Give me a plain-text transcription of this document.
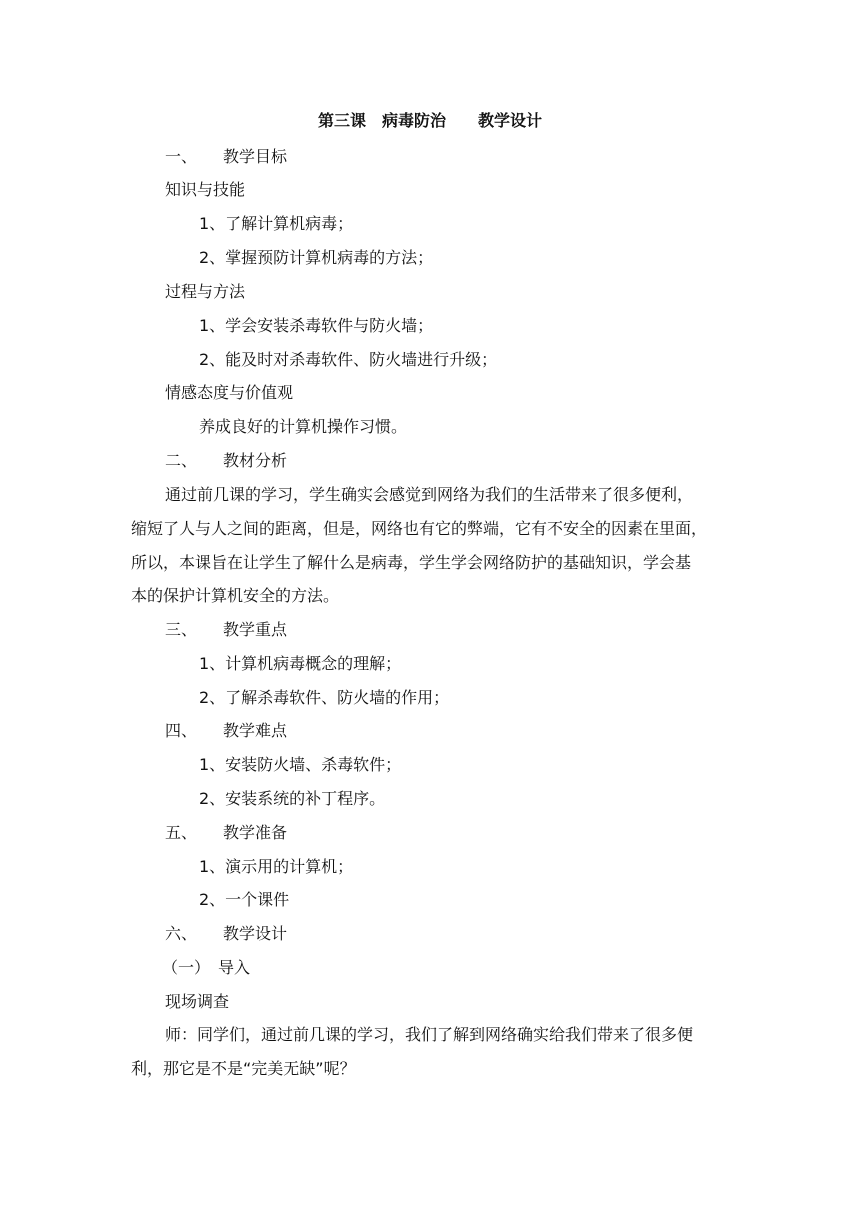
第三课　病毒防治　　教学设计
一、 教学目标
知识与技能
1、了解计算机病毒；
2、掌握预防计算机病毒的方法；
过程与方法
1、学会安装杀毒软件与防火墙；
2、能及时对杀毒软件、防火墙进行升级；
情感态度与价值观
养成良好的计算机操作习惯。
二、 教材分析
通过前几课的学习，学生确实会感觉到网络为我们的生活带来了很多便利，
缩短了人与人之间的距离，但是，网络也有它的弊端，它有不安全的因素在里面，
所以，本课旨在让学生了解什么是病毒，学生学会网络防护的基础知识，学会基
本的保护计算机安全的方法。
三、 教学重点
1、计算机病毒概念的理解；
2、了解杀毒软件、防火墙的作用；
四、 教学难点
1、安装防火墙、杀毒软件；
2、安装系统的补丁程序。
五、 教学准备
1、演示用的计算机；
2、一个课件
六、 教学设计
（一） 导入
现场调查
师：同学们，通过前几课的学习，我们了解到网络确实给我们带来了很多便
利，那它是不是“完美无缺”呢？
